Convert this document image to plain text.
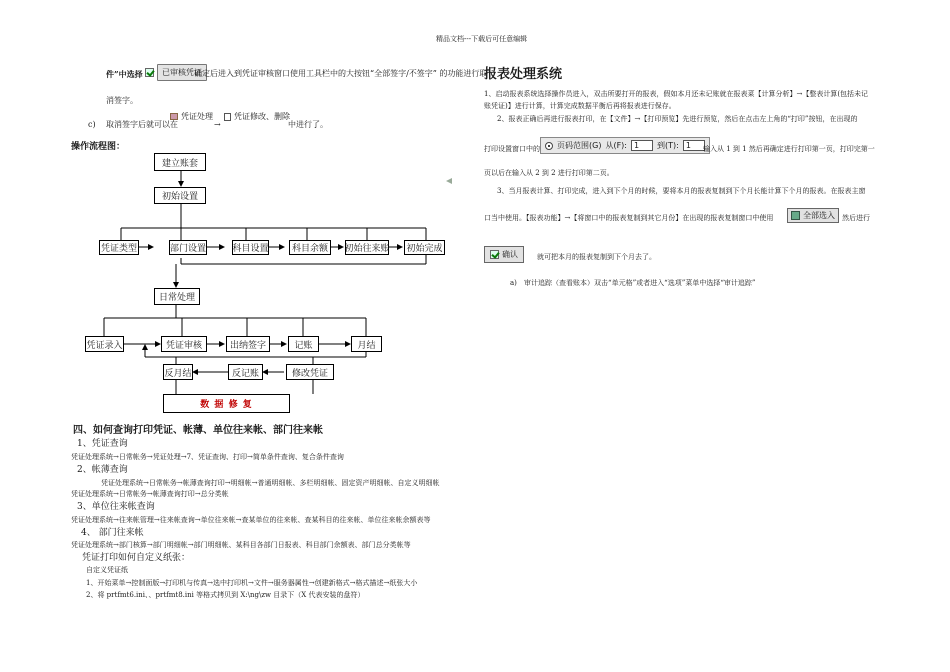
精品文档---下载后可任意编辑
件”中选择	已审核凭证
确定后进入到凭证审核窗口使用工具栏中的大按钮“全部签字/不签字” 的功能进行取
消签字。
c) 取消签字后就可以在
凭证处理
→
凭证修改、删除
中进行了。
操作流程图：
建立账套
初始设置
凭证类型	部门设置	科目设置	科目余额	初始往来账 初始完成
日常处理
凭证录入	凭证审核	出纳签字	记账	月结
反月结	反记账	修改凭证
数 据 修 复
四、如何查询打印凭证、帐薄、单位往来帐、部门往来帐
1、凭证查询
凭证处理系统→日常帐务→凭证处理→7、凭证查询、打印→简单条件查询、复合条件查询
2、帐薄查询
凭证处理系统→日常帐务→帐薄查询打印→明细帐→普通明细帐、多栏明细帐、固定资产明细帐、自定义明细帐
凭证处理系统→日常帐务→帐薄查询打印→总分类帐
3、单位往来帐查询
凭证处理系统→往来帐管理→往来帐查询→单位往来帐→查某单位的往来帐、查某科目的往来帐、单位往来帐余额表等
4、 部门往来帐
凭证处理系统→部门核算→部门明细帐→部门明细帐、某科目各部门日报表、科目部门余额表、部门总分类帐等
凭证打印如何自定义纸张：
自定义凭证纸
1、开始菜单→控制面版→打印机与传真→选中打印机→文件→服务器属性→创建新格式→格式描述→纸张大小
2、将 prtfmt6.ini、、prtfmt8.ini 等格式拷贝到 X:\ng\zw 目录下（X 代表安装的盘符）
报表处理系统
1、启动报表系统选择操作员进入，双击所要打开的报表，假如本月还未记账就在报表菜【计算分析】→【整表计算(包括未记
账凭证)】进行计算，计算完成数据平衡后再将报表进行保存。
2、报表正确后再进行报表打印，在【文件】→【打印预览】先进行预览，然后在点击左上角的“打印”按钮，在出现的
打印设置窗口中的 页码范围(G) 从(F): 1	到(T): 1	输入从 1 到 1 然后再确定进行打印第一页，打印完第一
页以后在输入从 2 到 2 进行打印第二页。
3、当月报表计算、打印完成，进入到下个月的时候，要将本月的报表复制到下个月长能计算下个月的报表。在报表主窗
口当中使用。【报表功能】→【将窗口中的报表复制到其它月份】在出现的报表复制窗口中使用	全部选入 然后进行
确认	就可把本月的报表复制到下个月去了。
a) 审计追踪（查看账本）双击“单元格”或者进入“选项”菜单中选择“审计追踪”
